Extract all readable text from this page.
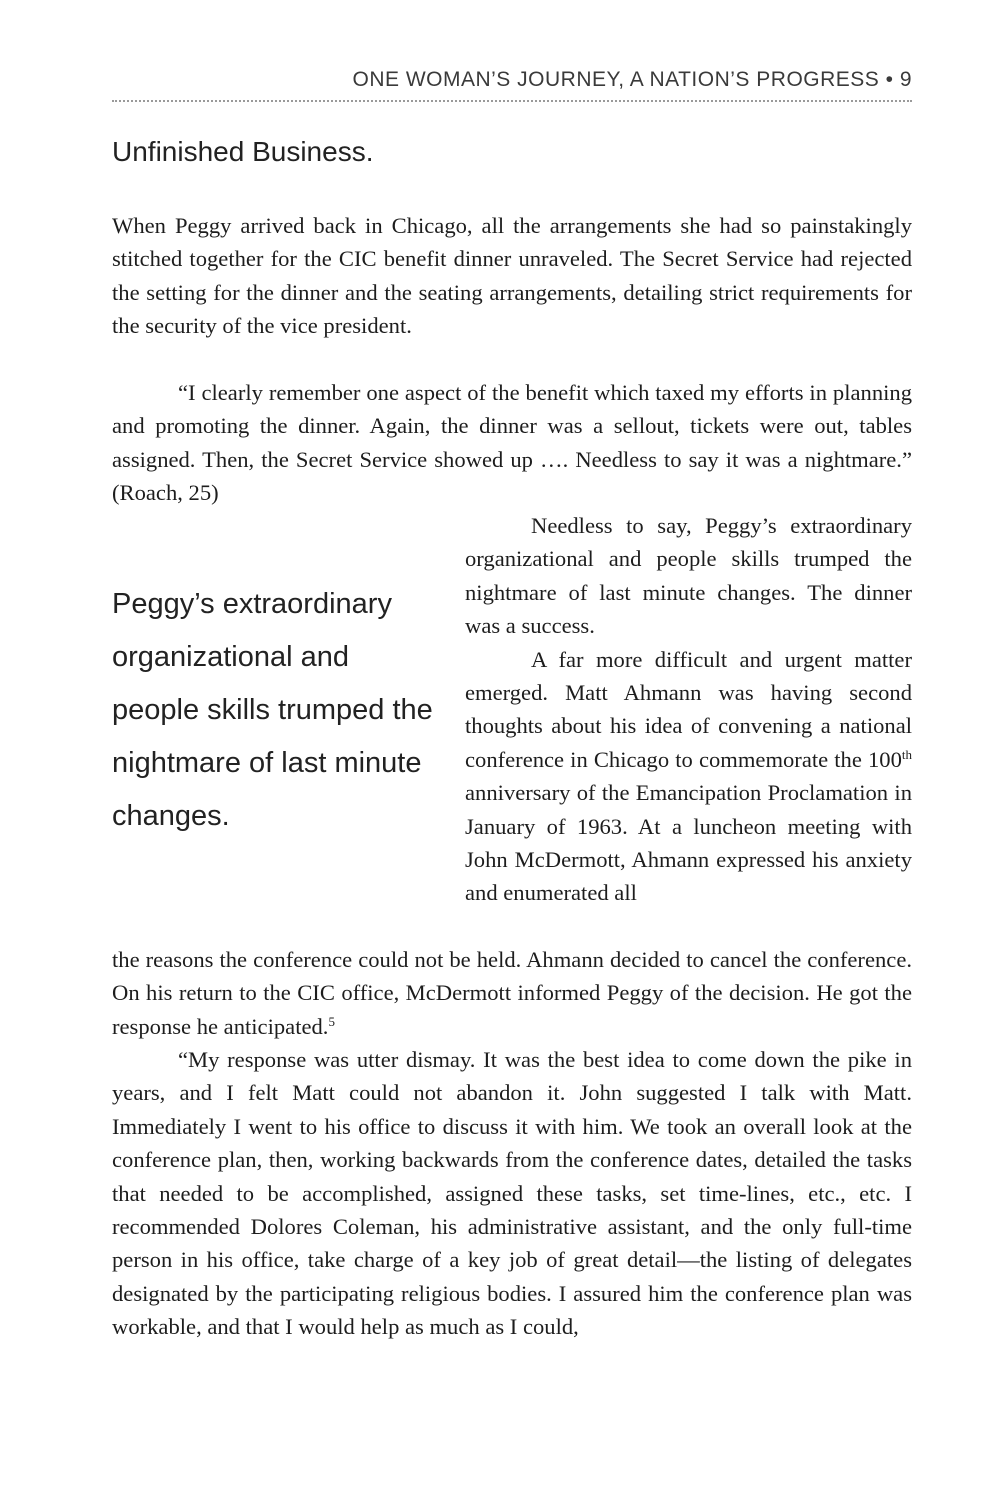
ONE WOMAN’S JOURNEY, A NATION’S PROGRESS • 9
Unfinished Business.

When Peggy arrived back in Chicago, all the arrangements she had so painstakingly stitched together for the CIC benefit dinner unraveled. The Secret Service had rejected the setting for the dinner and the seating arrangements, detailing strict requirements for the security of the vice president.

“I clearly remember one aspect of the benefit which taxed my efforts in planning and promoting the dinner. Again, the dinner was a sellout, tickets were out, tables assigned. Then, the Secret Service showed up …. Needless to say it was a nightmare.” (Roach, 25)

Peggy’s extraordinary organizational and people skills trumped the nightmare of last minute changes.

Needless to say, Peggy’s extraordinary organizational and people skills trumped the nightmare of last minute changes. The dinner was a success.

A far more difficult and urgent matter emerged. Matt Ahmann was having second thoughts about his idea of convening a national conference in Chicago to commemorate the 100th anniversary of the Emancipation Proclamation in January of 1963. At a luncheon meeting with John McDermott, Ahmann expressed his anxiety and enumerated all

the reasons the conference could not be held. Ahmann decided to cancel the conference. On his return to the CIC office, McDermott informed Peggy of the decision. He got the response he anticipated.$^5$

“My response was utter dismay. It was the best idea to come down the pike in years, and I felt Matt could not abandon it. John suggested I talk with Matt. Immediately I went to his office to discuss it with him. We took an overall look at the conference plan, then, working backwards from the conference dates, detailed the tasks that needed to be accomplished, assigned these tasks, set time-lines, etc., etc. I recommended Dolores Coleman, his administrative assistant, and the only full-time person in his office, take charge of a key job of great detail—the listing of delegates designated by the participating religious bodies. I assured him the conference plan was workable, and that I would help as much as I could,
